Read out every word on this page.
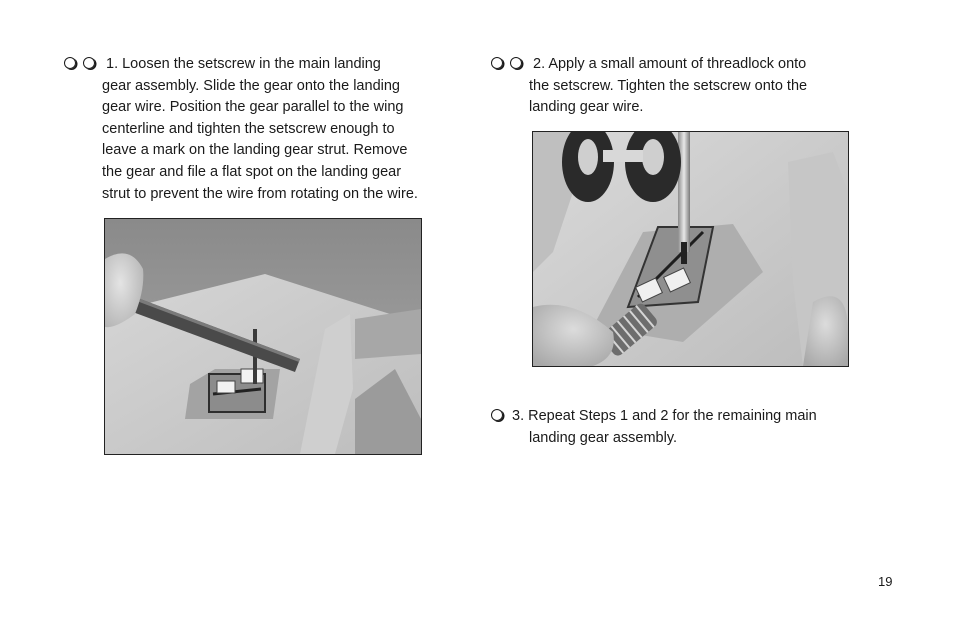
1. Loosen the setscrew in the main landing
gear assembly. Slide the gear onto the landing
gear wire. Position the gear parallel to the wing
centerline and tighten the setscrew enough to
leave a mark on the landing gear strut. Remove
the gear and file a flat spot on the landing gear
strut to prevent the wire from rotating on the wire.
2. Apply a small amount of threadlock onto
the setscrew. Tighten the setscrew onto the
landing gear wire.
3. Repeat Steps 1 and 2 for the remaining main
landing gear assembly.
19
